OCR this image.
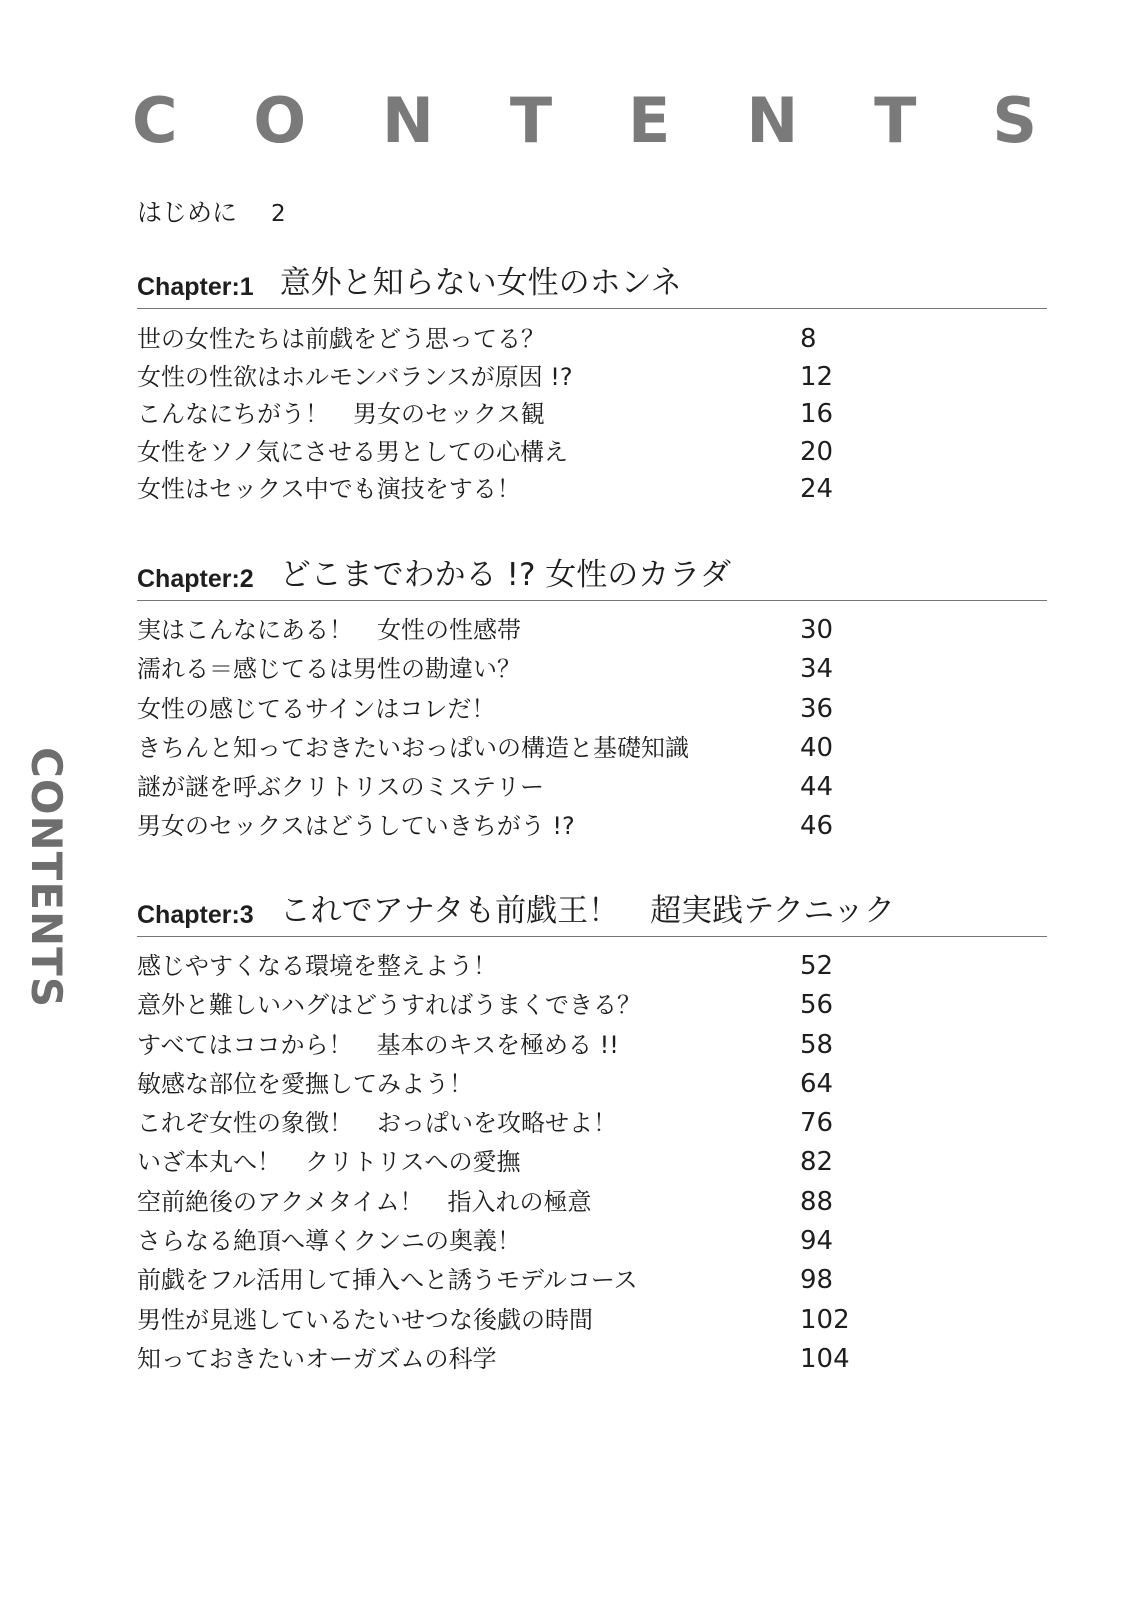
C O N T E N T S
CONTENTS
はじめに 2
Chapter:1 意外と知らない女性のホンネ
世の女性たちは前戯をどう思ってる？	8
女性の性欲はホルモンバランスが原因 !?	12
こんなにちがう！　男女のセックス観	16
女性をソノ気にさせる男としての心構え	20
女性はセックス中でも演技をする！	24
Chapter:2 どこまでわかる !? 女性のカラダ
実はこんなにある！　女性の性感帯	30
濡れる＝感じてるは男性の勘違い？	34
女性の感じてるサインはコレだ！	36
きちんと知っておきたいおっぱいの構造と基礎知識	40
謎が謎を呼ぶクリトリスのミステリー	44
男女のセックスはどうしていきちがう !?	46
Chapter:3 これでアナタも前戯王！　超実践テクニック
感じやすくなる環境を整えよう！	52
意外と難しいハグはどうすればうまくできる？	56
すべてはココから！　基本のキスを極める !!	58
敏感な部位を愛撫してみよう！	64
これぞ女性の象徴！　おっぱいを攻略せよ！	76
いざ本丸へ！　クリトリスへの愛撫	82
空前絶後のアクメタイム！　指入れの極意	88
さらなる絶頂へ導くクンニの奥義！	94
前戯をフル活用して挿入へと誘うモデルコース	98
男性が見逃しているたいせつな後戯の時間	102
知っておきたいオーガズムの科学	104
